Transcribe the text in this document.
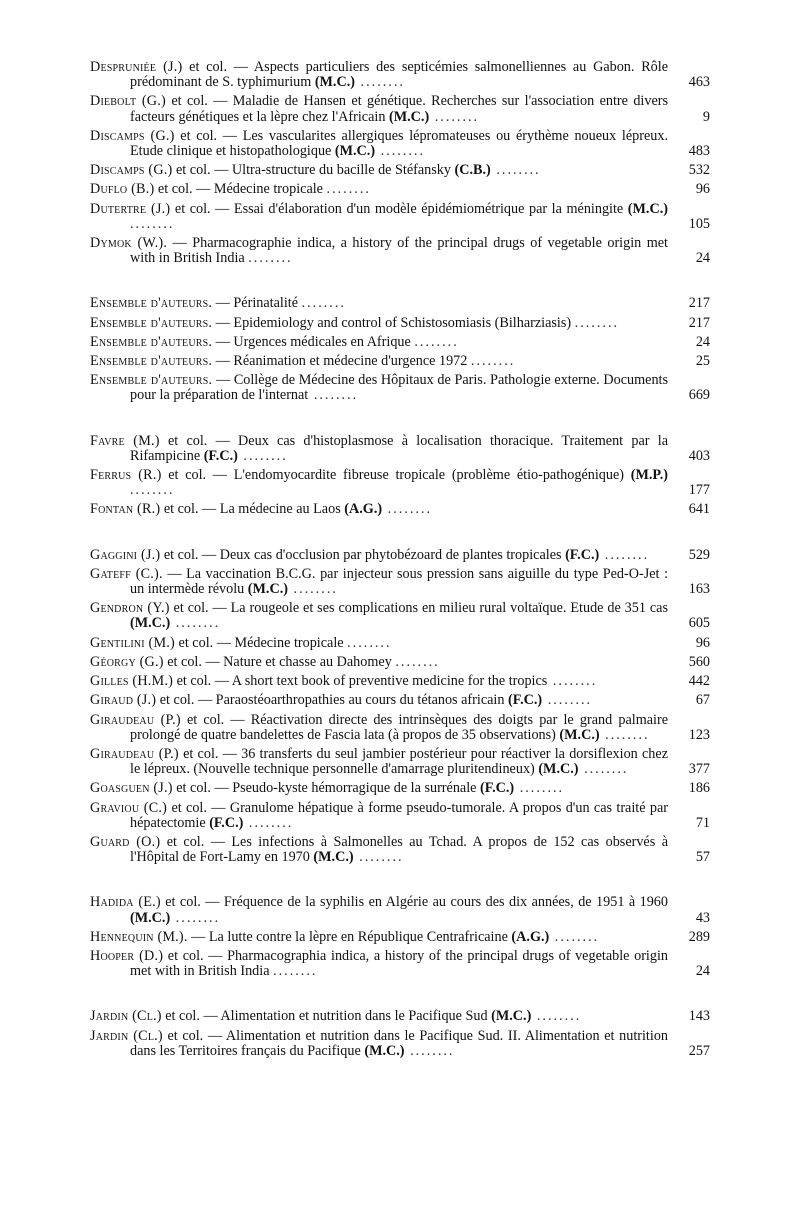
Despruniée (J.) et col. — Aspects particuliers des septicémies salmonelliennes au Gabon. Rôle prédominant de S. typhimurium (M.C.) ........	463
Diebolt (G.) et col. — Maladie de Hansen et génétique. Recherches sur l'association entre divers facteurs génétiques et la lèpre chez l'Africain (M.C.) ........	9
Discamps (G.) et col. — Les vascularites allergiques lépromateuses ou érythème noueux lépreux. Etude clinique et histopathologique (M.C.) ........	483
Discamps (G.) et col. — Ultra-structure du bacille de Stéfansky (C.B.) ........	532
Duflo (B.) et col. — Médecine tropicale ........	96
Dutertre (J.) et col. — Essai d'élaboration d'un modèle épidémiométrique par la méningite (M.C.) ........	105
Dymok (W.). — Pharmacographie indica, a history of the principal drugs of vegetable origin met with in British India ........	24
Ensemble d'auteurs. — Périnatalité ........	217
Ensemble d'auteurs. — Epidemiology and control of Schistosomiasis (Bilharziasis) ........	217
Ensemble d'auteurs. — Urgences médicales en Afrique ........	24
Ensemble d'auteurs. — Réanimation et médecine d'urgence 1972 ........	25
Ensemble d'auteurs. — Collège de Médecine des Hôpitaux de Paris. Pathologie externe. Documents pour la préparation de l'internat ........	669
Favre (M.) et col. — Deux cas d'histoplasmose à localisation thoracique. Traitement par la Rifampicine (F.C.) ........	403
Ferrus (R.) et col. — L'endomyocardite fibreuse tropicale (problème étio-pathogénique) (M.P.) ........	177
Fontan (R.) et col. — La médecine au Laos (A.G.) ........	641
Gaggini (J.) et col. — Deux cas d'occlusion par phytobézoard de plantes tropicales (F.C.) ........	529
Gateff (C.). — La vaccination B.C.G. par injecteur sous pression sans aiguille du type Ped-O-Jet : un intermède révolu (M.C.) ........	163
Gendron (Y.) et col. — La rougeole et ses complications en milieu rural voltaïque. Etude de 351 cas (M.C.) ........	605
Gentilini (M.) et col. — Médecine tropicale ........	96
Géorgy (G.) et col. — Nature et chasse au Dahomey ........	560
Gilles (H.M.) et col. — A short text book of preventive medicine for the tropics ........	442
Giraud (J.) et col. — Paraostéoarthropathies au cours du tétanos africain (F.C.) ........	67
Giraudeau (P.) et col. — Réactivation directe des intrinsèques des doigts par le grand palmaire prolongé de quatre bandelettes de Fascia lata (à propos de 35 observations) (M.C.) ........	123
Giraudeau (P.) et col. — 36 transferts du seul jambier postérieur pour réactiver la dorsiflexion chez le lépreux. (Nouvelle technique personnelle d'amarrage pluritendineux) (M.C.) ........	377
Goasguen (J.) et col. — Pseudo-kyste hémorragique de la surrénale (F.C.) ........	186
Graviou (C.) et col. — Granulome hépatique à forme pseudo-tumorale. A propos d'un cas traité par hépatectomie (F.C.) ........	71
Guard (O.) et col. — Les infections à Salmonelles au Tchad. A propos de 152 cas observés à l'Hôpital de Fort-Lamy en 1970 (M.C.) ........	57
Hadida (E.) et col. — Fréquence de la syphilis en Algérie au cours des dix années, de 1951 à 1960 (M.C.) ........	43
Hennequin (M.). — La lutte contre la lèpre en République Centrafricaine (A.G.) ........	289
Hooper (D.) et col. — Pharmacographia indica, a history of the principal drugs of vegetable origin met with in British India ........	24
Jardin (Cl.) et col. — Alimentation et nutrition dans le Pacifique Sud (M.C.) ........	143
Jardin (Cl.) et col. — Alimentation et nutrition dans le Pacifique Sud. II. Alimentation et nutrition dans les Territoires français du Pacifique (M.C.) ........	257
